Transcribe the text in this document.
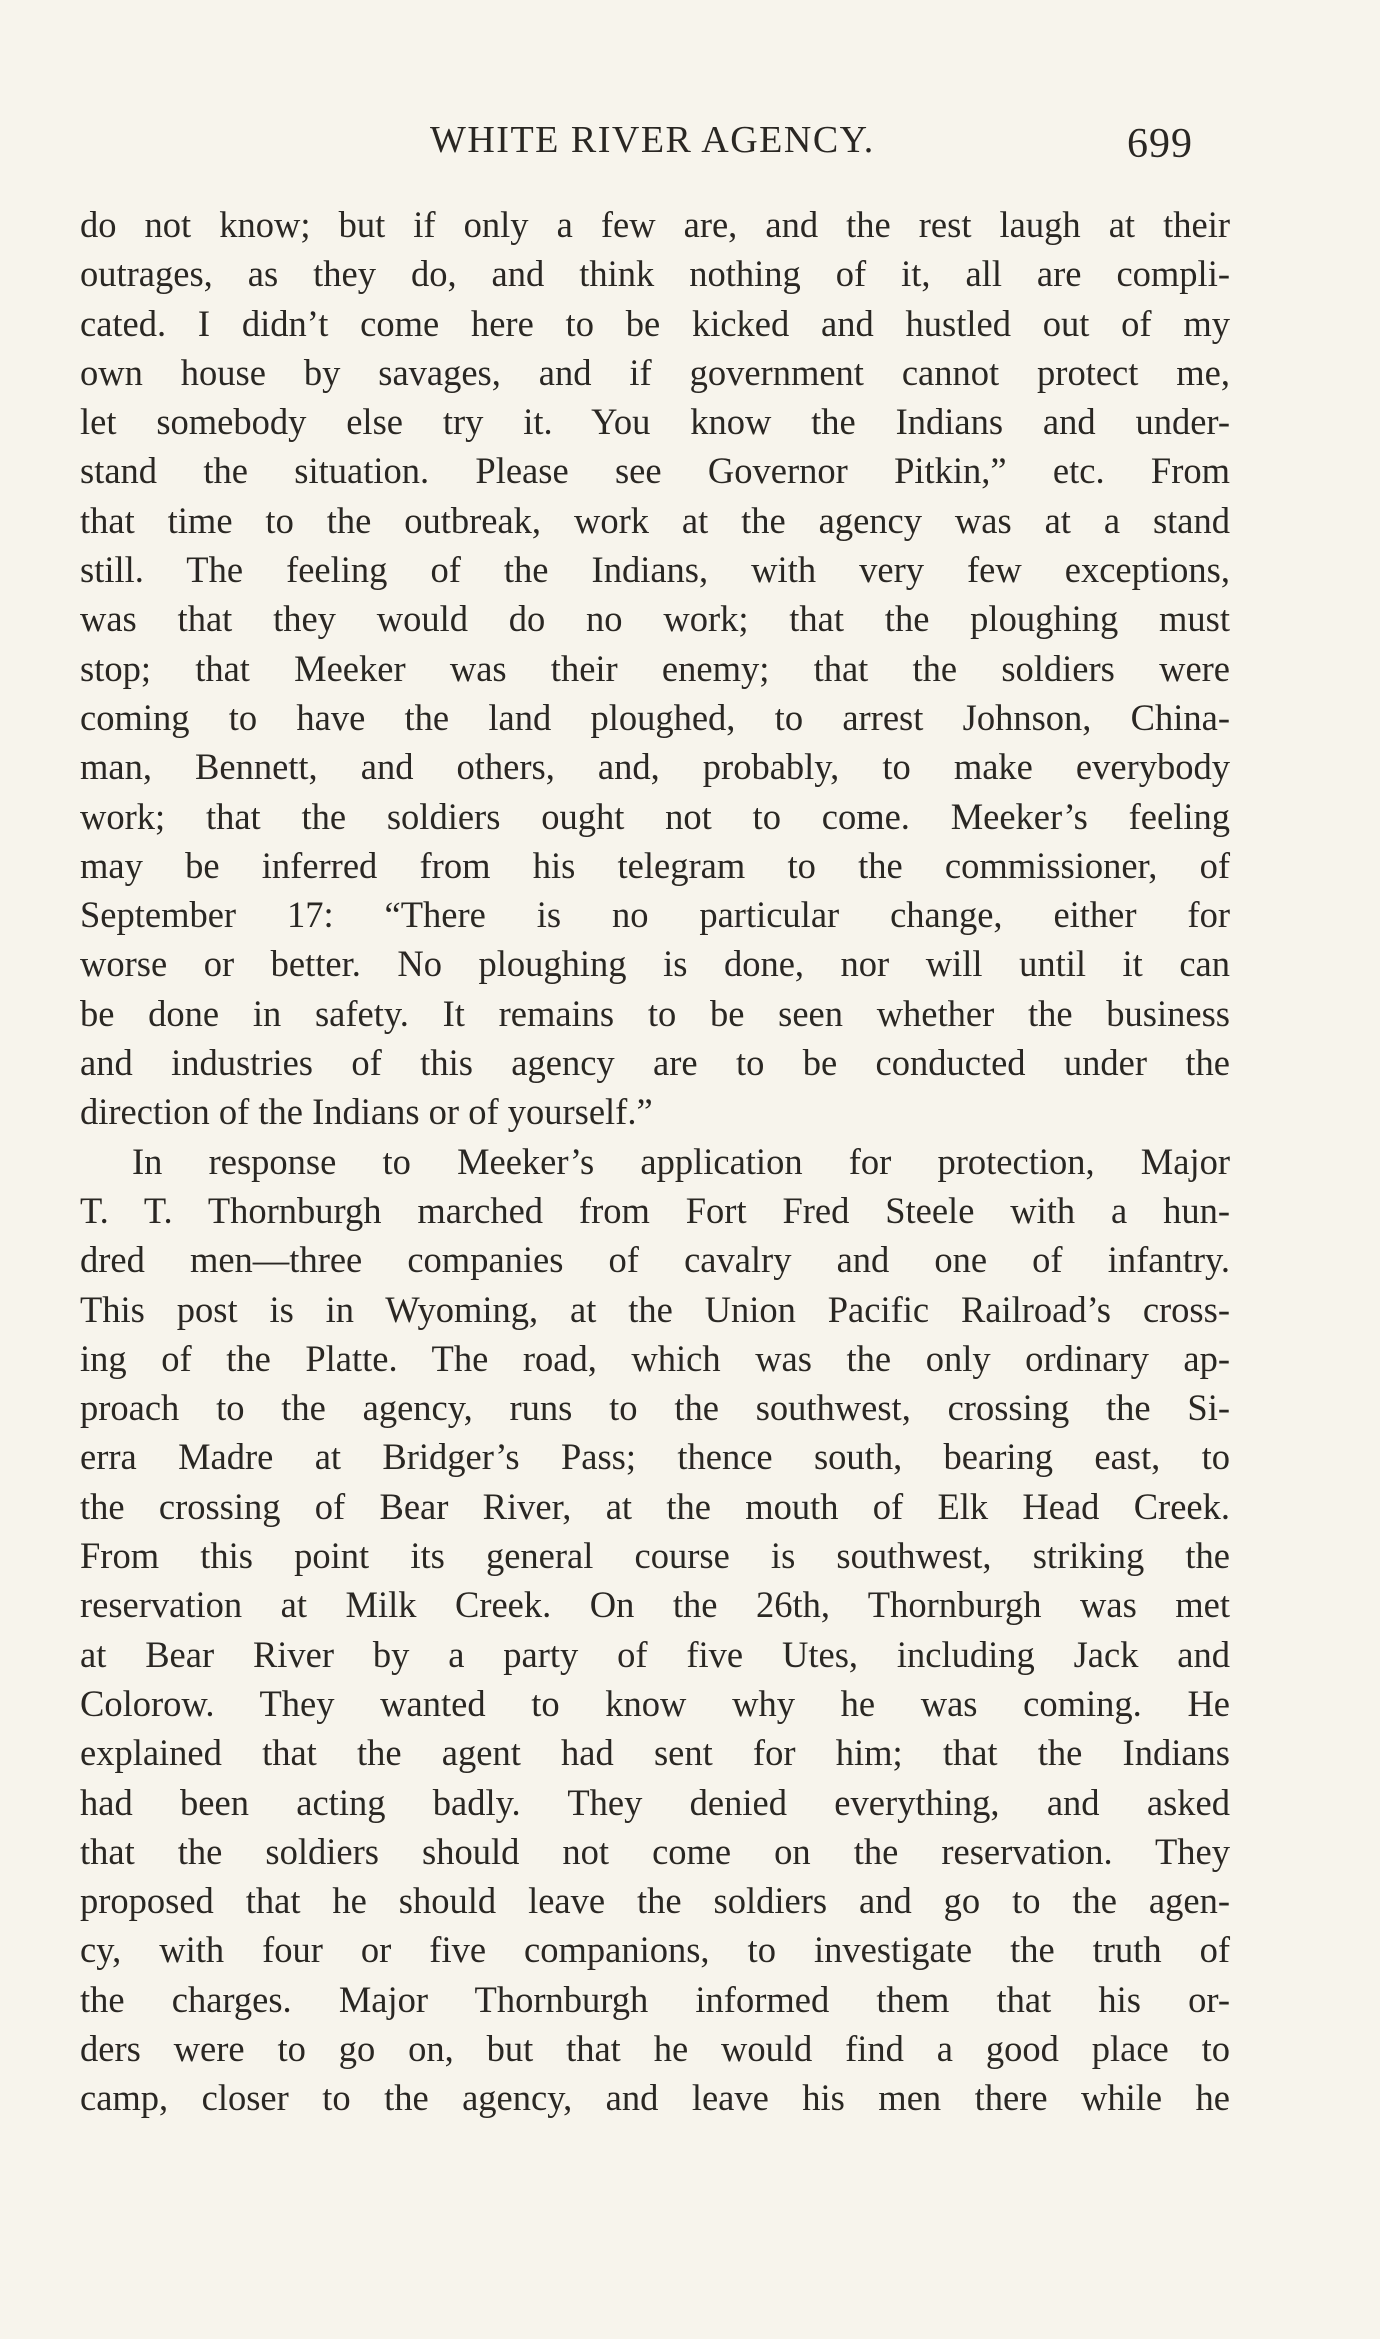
WHITE RIVER AGENCY.	699
do not know; but if only a few are, and the rest laugh at their
outrages, as they do, and think nothing of it, all are compli-
cated. I didn’t come here to be kicked and hustled out of my
own house by savages, and if government cannot protect me,
let somebody else try it. You know the Indians and under-
stand the situation. Please see Governor Pitkin,” etc. From
that time to the outbreak, work at the agency was at a stand
still. The feeling of the Indians, with very few exceptions,
was that they would do no work; that the ploughing must
stop; that Meeker was their enemy; that the soldiers were
coming to have the land ploughed, to arrest Johnson, China-
man, Bennett, and others, and, probably, to make everybody
work; that the soldiers ought not to come. Meeker’s feeling
may be inferred from his telegram to the commissioner, of
September 17: “There is no particular change, either for
worse or better. No ploughing is done, nor will until it can
be done in safety. It remains to be seen whether the business
and industries of this agency are to be conducted under the
direction of the Indians or of yourself.”
In response to Meeker’s application for protection, Major
T. T. Thornburgh marched from Fort Fred Steele with a hun-
dred men—three companies of cavalry and one of infantry.
This post is in Wyoming, at the Union Pacific Railroad’s cross-
ing of the Platte. The road, which was the only ordinary ap-
proach to the agency, runs to the southwest, crossing the Si-
erra Madre at Bridger’s Pass; thence south, bearing east, to
the crossing of Bear River, at the mouth of Elk Head Creek.
From this point its general course is southwest, striking the
reservation at Milk Creek. On the 26th, Thornburgh was met
at Bear River by a party of five Utes, including Jack and
Colorow. They wanted to know why he was coming. He
explained that the agent had sent for him; that the Indians
had been acting badly. They denied everything, and asked
that the soldiers should not come on the reservation. They
proposed that he should leave the soldiers and go to the agen-
cy, with four or five companions, to investigate the truth of
the charges. Major Thornburgh informed them that his or-
ders were to go on, but that he would find a good place to
camp, closer to the agency, and leave his men there while he
